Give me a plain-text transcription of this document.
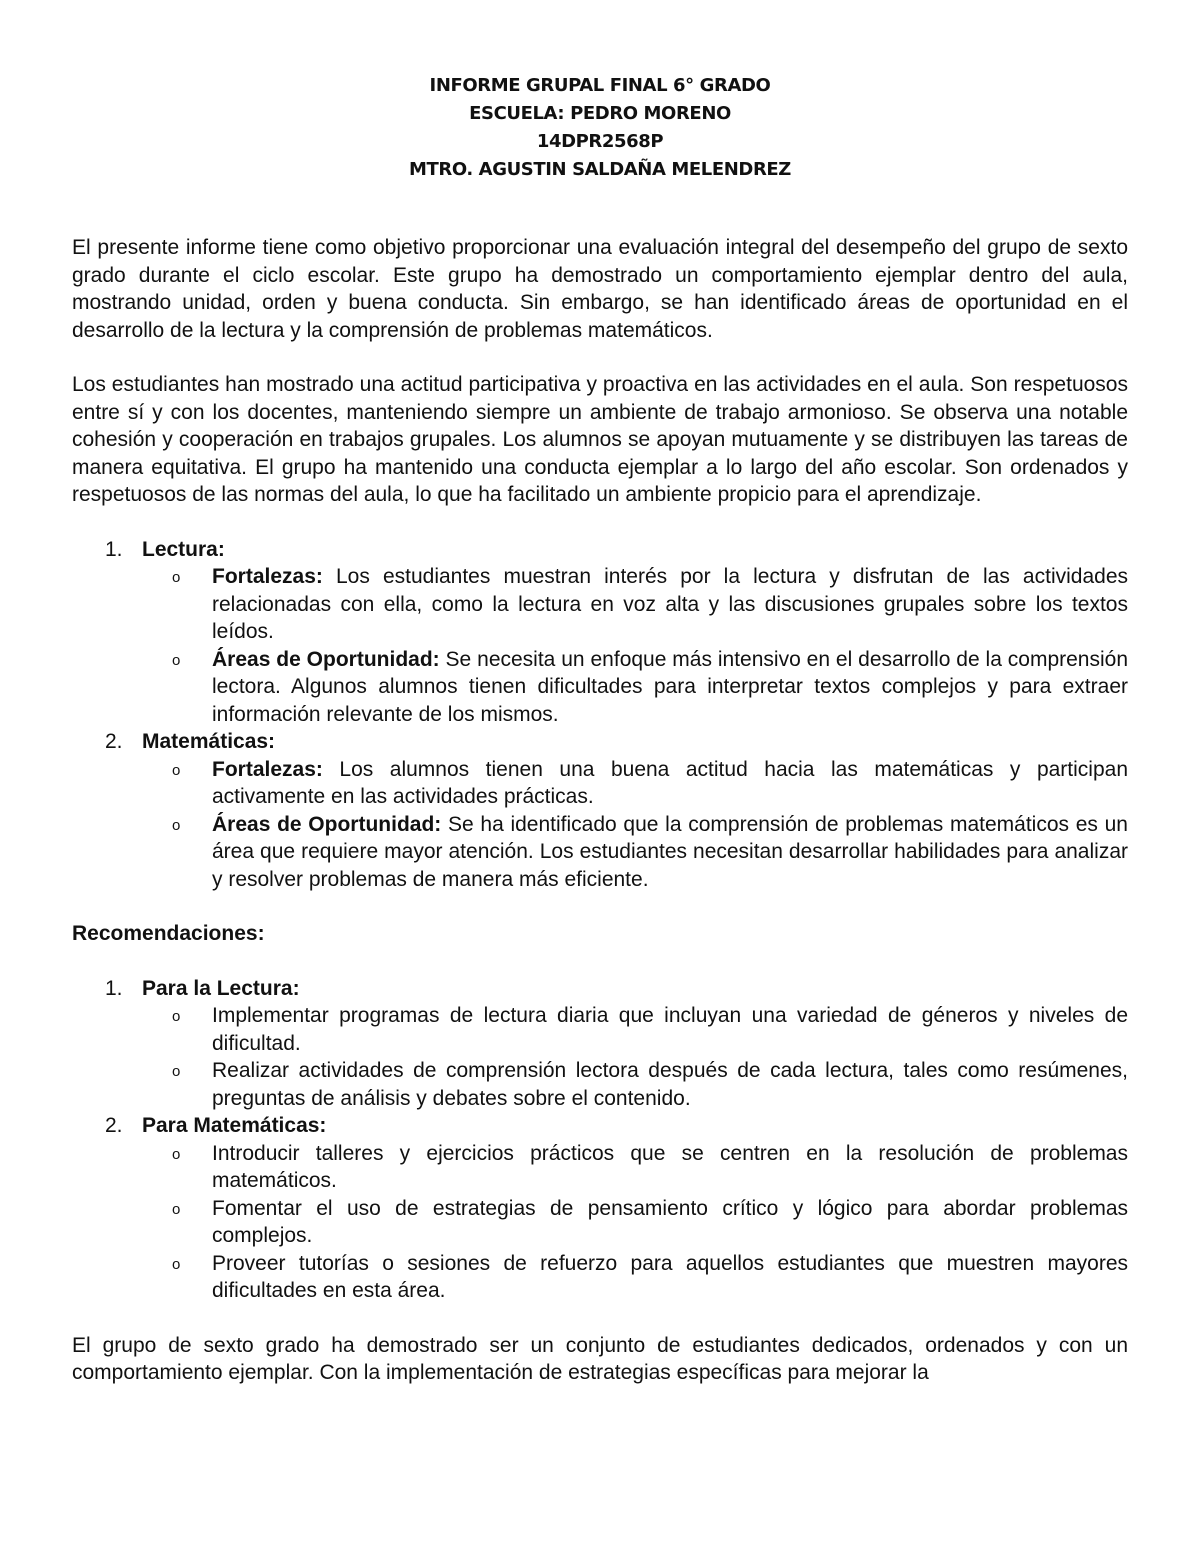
INFORME GRUPAL FINAL 6° GRADO
ESCUELA: PEDRO MORENO
14DPR2568P
MTRO. AGUSTIN SALDAÑA MELENDREZ

El presente informe tiene como objetivo proporcionar una evaluación integral del desempeño del grupo de sexto grado durante el ciclo escolar. Este grupo ha demostrado un comportamiento ejemplar dentro del aula, mostrando unidad, orden y buena conducta. Sin embargo, se han identificado áreas de oportunidad en el desarrollo de la lectura y la comprensión de problemas matemáticos.

Los estudiantes han mostrado una actitud participativa y proactiva en las actividades en el aula. Son respetuosos entre sí y con los docentes, manteniendo siempre un ambiente de trabajo armonioso. Se observa una notable cohesión y cooperación en trabajos grupales. Los alumnos se apoyan mutuamente y se distribuyen las tareas de manera equitativa. El grupo ha mantenido una conducta ejemplar a lo largo del año escolar. Son ordenados y respetuosos de las normas del aula, lo que ha facilitado un ambiente propicio para el aprendizaje.

1. Lectura:
o Fortalezas: Los estudiantes muestran interés por la lectura y disfrutan de las actividades relacionadas con ella, como la lectura en voz alta y las discusiones grupales sobre los textos leídos.
o Áreas de Oportunidad: Se necesita un enfoque más intensivo en el desarrollo de la comprensión lectora. Algunos alumnos tienen dificultades para interpretar textos complejos y para extraer información relevante de los mismos.
2. Matemáticas:
o Fortalezas: Los alumnos tienen una buena actitud hacia las matemáticas y participan activamente en las actividades prácticas.
o Áreas de Oportunidad: Se ha identificado que la comprensión de problemas matemáticos es un área que requiere mayor atención. Los estudiantes necesitan desarrollar habilidades para analizar y resolver problemas de manera más eficiente.

Recomendaciones:

1. Para la Lectura:
o Implementar programas de lectura diaria que incluyan una variedad de géneros y niveles de dificultad.
o Realizar actividades de comprensión lectora después de cada lectura, tales como resúmenes, preguntas de análisis y debates sobre el contenido.
2. Para Matemáticas:
o Introducir talleres y ejercicios prácticos que se centren en la resolución de problemas matemáticos.
o Fomentar el uso de estrategias de pensamiento crítico y lógico para abordar problemas complejos.
o Proveer tutorías o sesiones de refuerzo para aquellos estudiantes que muestren mayores dificultades en esta área.

El grupo de sexto grado ha demostrado ser un conjunto de estudiantes dedicados, ordenados y con un comportamiento ejemplar. Con la implementación de estrategias específicas para mejorar la
